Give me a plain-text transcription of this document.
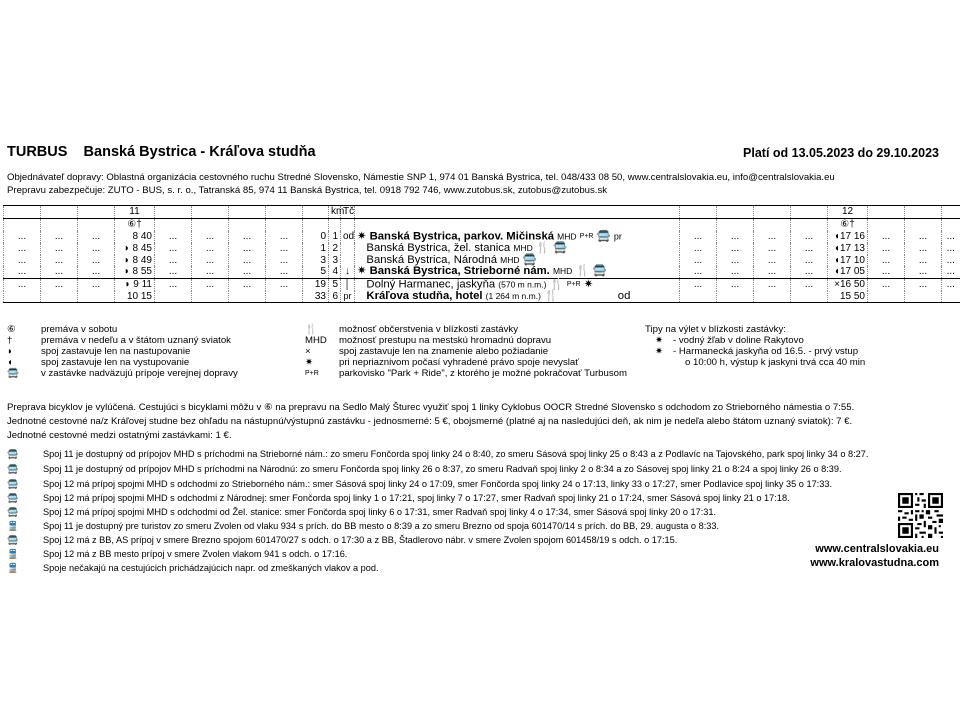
TURBUS Banská Bystrica - Kráľova studňa	Platí od 13.05.2023 do 29.10.2023
Objednávateľ dopravy: Oblastná organizácia cestovného ruchu Stredné Slovensko, Námestie SNP 1, 974 01 Banská Bystrica, tel. 048/433 08 50, www.centralslovakia.eu, info@centralslovakia.eu
Prepravu zabezpečuje: ZUTO - BUS, s. r. o., Tatranská 85, 974 11 Banská Bystrica, tel. 0918 792 746, www.zutobus.sk, zutobus@zutobus.sk
			11						km	Tč						12			
			⑥†													⑥†			
...	...	...	8 40	...	...	...	...	0	1	od	✷ Banská Bystrica, parkov. Mičinská MHD P+R 🚍 pr	...	...	...	...	◖17 16	...	...	...
...	...	...	◗ 8 45	...	...	...	...	1	2		Banská Bystrica, žel. stanica MHD 🍴 🚍	...	...	...	...	◖17 13	...	...	...
...	...	...	◗ 8 49	...	...	...	...	3	3		Banská Bystrica, Národná MHD 🚍	...	...	...	...	◖17 10	...	...	...
...	...	...	◗ 8 55	...	...	...	...	5	4	↓	✷ Banská Bystrica, Strieborné nám. MHD 🍴 🚍	...	...	...	...	◖17 05	...	...	...
...	...	...	◗ 9 11	...	...	...	...	19	5	│	Dolný Harmanec, jaskyňa (570 m n.m.) 🍴 P+R ✷	...	...	...	...	×16 50	...	...	...
			10 15					33	6	pr	Kráľova studňa, hotel (1 264 m n.m.) 🍴 od					15 50			
⑥	premáva v sobotu
†	premáva v nedeľu a v štátom uznaný sviatok
◗	spoj zastavuje len na nastupovanie
◖	spoj zastavuje len na vystupovanie
🚍 v zastávke nadväzujú prípoje verejnej dopravy
🍴 možnosť občerstvenia v blízkosti zastávky
MHD možnosť prestupu na mestskú hromadnú dopravu
×	spoj zastavuje len na znamenie alebo požiadanie
✷	pri nepriaznivom počasí vyhradené právo spoje nevyslať
P+R parkovisko "Park + Ride", z ktorého je možné pokračovať Turbusom
Tipy na výlet v blízkosti zastávky:
✷ - vodný žľab v doline Rakytovo
✷ - Harmanecká jaskyňa od 16.5. - prvý vstup
o 10:00 h, výstup k jaskyni trvá cca 40 min
Preprava bicyklov je vylúčená. Cestujúci s bicyklami môžu v ⑥ na prepravu na Sedlo Malý Šturec využiť spoj 1 linky Cyklobus OOCR Stredné Slovensko s odchodom zo Strieborného námestia o 7:55.
Jednotné cestovné na/z Kráľovej studne bez ohľadu na nástupnú/výstupnú zastávku - jednosmerné: 5 €, obojsmerné (platné aj na nasledujúci deň, ak nim je nedeľa alebo štátom uznaný sviatok): 7 €.
Jednotné cestovné medzi ostatnými zastávkami: 1 €.
🚍	Spoj 11 je dostupný od prípojov MHD s príchodmi na Strieborné nám.: zo smeru Fončorda spoj linky 24 o 8:40, zo smeru Sásová spoj linky 25 o 8:43 a z Podlavíc na Tajovského, park spoj linky 34 o 8:27.
🚍	Spoj 11 je dostupný od prípojov MHD s príchodmi na Národnú: zo smeru Fončorda spoj linky 26 o 8:37, zo smeru Radvaň spoj linky 2 o 8:34 a zo Sásovej spoj linky 21 o 8:24 a spoj linky 26 o 8:39.
🚍	Spoj 12 má prípoj spojmi MHD s odchodmi zo Strieborného nám.: smer Sásová spoj linky 24 o 17:09, smer Fončorda spoj linky 24 o 17:13, linky 33 o 17:27, smer Podlavice spoj linky 35 o 17:33.
🚍	Spoj 12 má prípoj spojmi MHD s odchodmi z Národnej: smer Fončorda spoj linky 1 o 17:21, spoj linky 7 o 17:27, smer Radvaň spoj linky 21 o 17:24, smer Sásová spoj linky 21 o 17:18.
🚍	Spoj 12 má prípoj spojmi MHD s odchodmi od Žel. stanice: smer Fončorda spoj linky 6 o 17:31, smer Radvaň spoj linky 4 o 17:34, smer Sásová spoj linky 20 o 17:31.
🚆	Spoj 11 je dostupný pre turistov zo smeru Zvolen od vlaku 934 s prích. do BB mesto o 8:39 a zo smeru Brezno od spoja 601470/14 s prích. do BB, 29. augusta o 8:33.
🚍	Spoj 12 má z BB, AS prípoj v smere Brezno spojom 601470/27 s odch. o 17:30 a z BB, Štadlerovo nábr. v smere Zvolen spojom 601458/19 s odch. o 17:15.
🚆	Spoj 12 má z BB mesto prípoj v smere Zvolen vlakom 941 s odch. o 17:16.
🚆	Spoje nečakajú na cestujúcich prichádzajúcich napr. od zmeškaných vlakov a pod.
www.centralslovakia.eu
www.kralovastudna.com
